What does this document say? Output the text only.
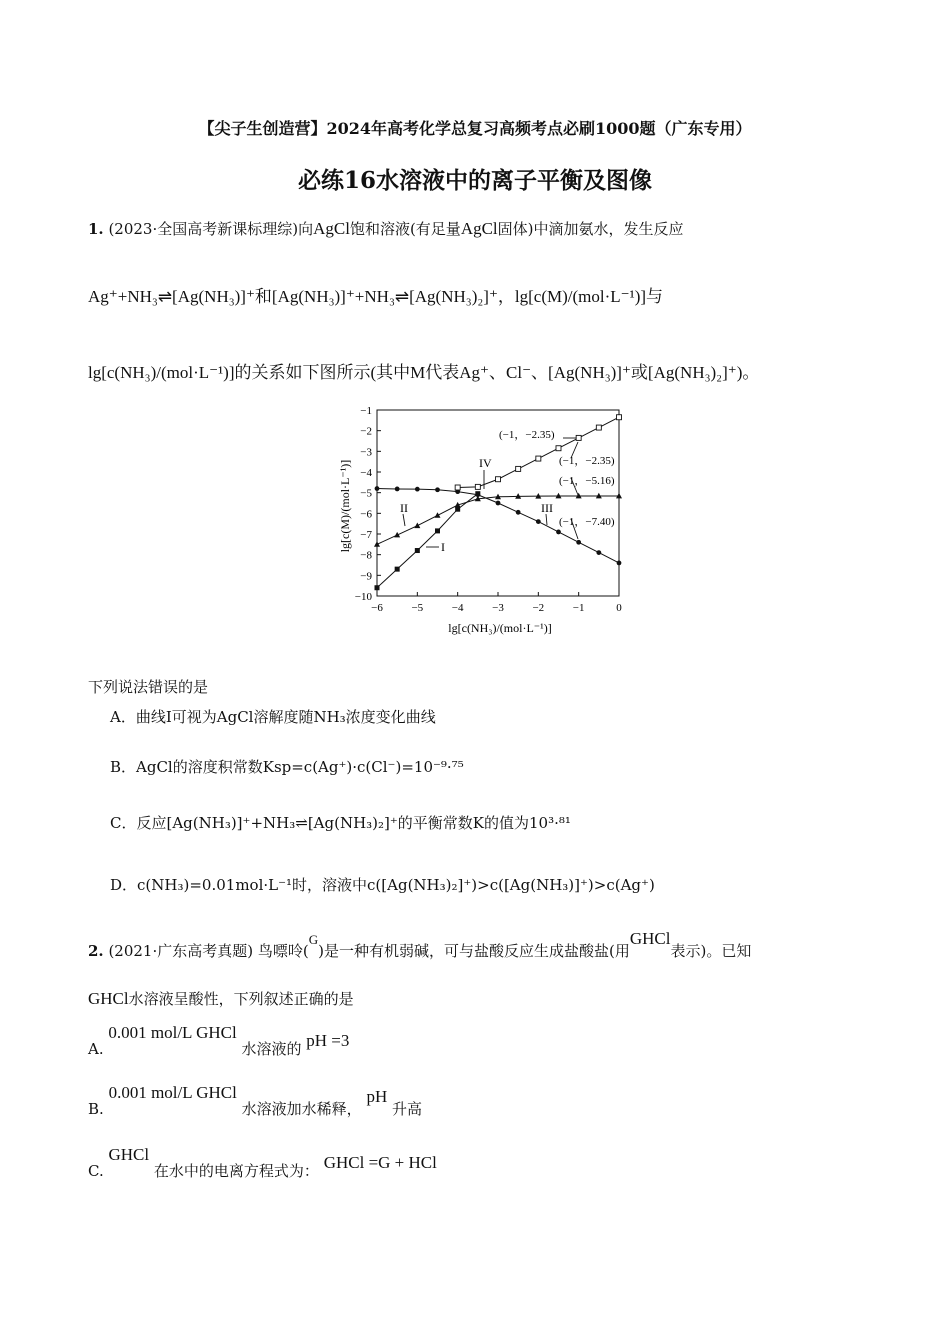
【尖子生创造营】2024年高考化学总复习高频考点必刷1000题（广东专用）
必练16水溶液中的离子平衡及图像
1. (2023·全国高考新课标理综)向AgCl饱和溶液(有足量AgCl固体)中滴加氨水，发生反应
Ag⁺+NH₃⇌[Ag(NH₃)]⁺和[Ag(NH₃)]⁺+NH₃⇌[Ag(NH₃)₂]⁺，lg[c(M)/(mol·L⁻¹)]与
lg[c(NH₃)/(mol·L⁻¹)]的关系如下图所示(其中M代表Ag⁺、Cl⁻、[Ag(NH₃)]⁺或[Ag(NH₃)₂]⁺)。
−6	−5	−4	−3	−2	−1	0
−1
−2
−3
−4
−5
−6
−7
−8
−9
−10
lg[c(NH₃)/(mol·L⁻¹)]
lg[c(M)/(mol·L⁻¹)]
(−1，−2.35)
(−1，−2.35)
(−1，−5.16)
(−1，−7.40)
I
II	III
IV
下列说法错误的是
A．曲线I可视为AgCl溶解度随NH₃浓度变化曲线
B．AgCl的溶度积常数Ksp=c(Ag⁺)·c(Cl⁻)=10⁻⁹·⁷⁵
C．反应[Ag(NH₃)]⁺+NH₃⇌[Ag(NH₃)₂]⁺的平衡常数K的值为10³·⁸¹
D．c(NH₃)=0.01mol·L⁻¹时，溶液中c([Ag(NH₃)₂]⁺)>c([Ag(NH₃)]⁺)>c(Ag⁺)
2. (2021·广东高考真题) 鸟嘌呤(G)是一种有机弱碱，可与盐酸反应生成盐酸盐(用GHCl表示)。已知
GHCl水溶液呈酸性，下列叙述正确的是
A. 0.001 mol/L GHCl 水溶液的 pH =3
B. 0.001 mol/L GHCl 水溶液加水稀释， pH 升高
C. GHCl 在水中的电离方程式为： GHCl =G + HCl
